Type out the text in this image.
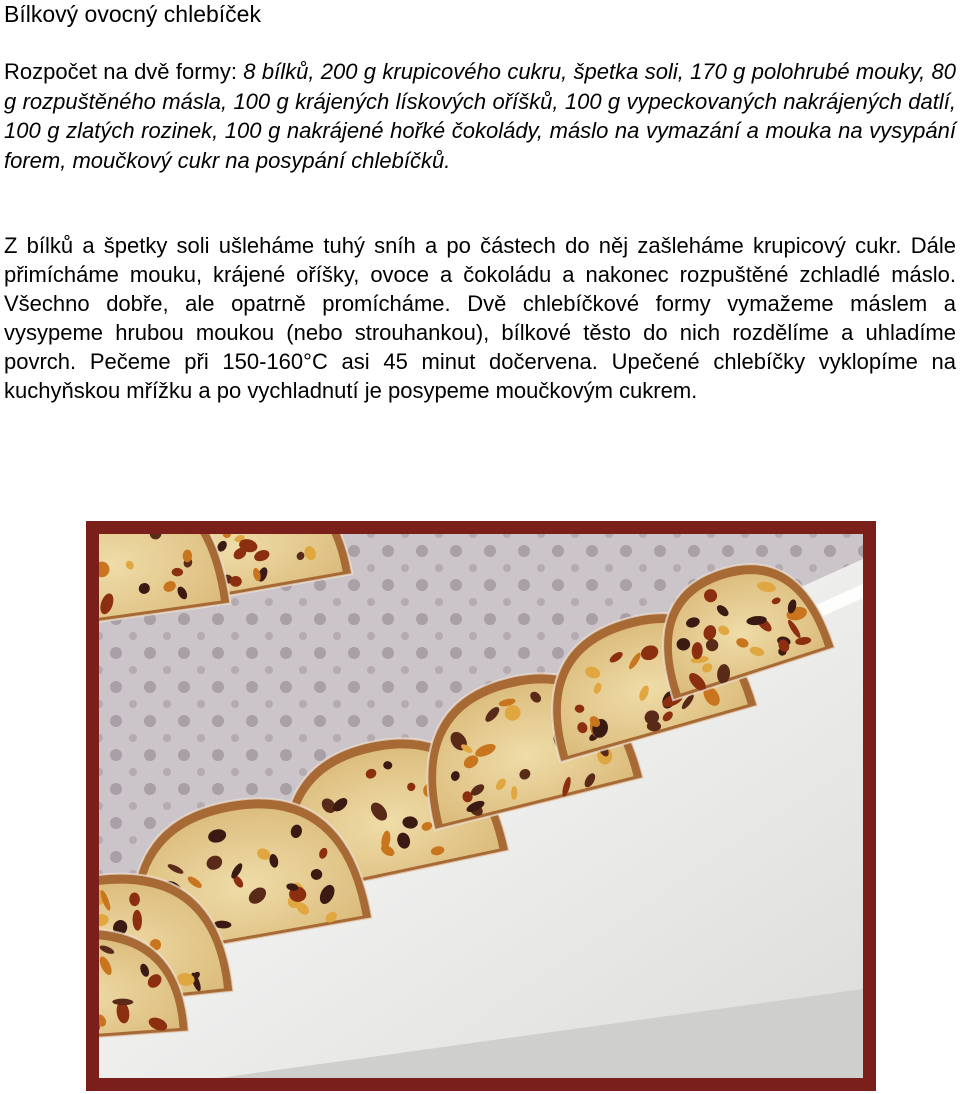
Bílkový ovocný chlebíček

Rozpočet na dvě formy: 8 bílků, 200 g krupicového cukru, špetka soli, 170 g polohrubé mouky, 80 g rozpuštěného másla, 100 g krájených lískových oříšků, 100 g vypeckovaných nakrájených datlí, 100 g zlatých rozinek, 100 g nakrájené hořké čokolády, máslo na vymazání a mouka na vysypání forem, moučkový cukr na posypání chlebíčků.

Z bílků a špetky soli ušleháme tuhý sníh a po částech do něj zašleháme krupicový cukr. Dále přimícháme mouku, krájené oříšky, ovoce a čokoládu a nakonec rozpuštěné zchladlé máslo. Všechno dobře, ale opatrně promícháme. Dvě chlebíčkové formy vymažeme máslem a vysypeme hrubou moukou (nebo strouhankou), bílkové těsto do nich rozdělíme a uhladíme povrch. Pečeme při 150-160°C asi 45 minut dočervena. Upečené chlebíčky vyklopíme na kuchyňskou mřížku a po vychladnutí je posypeme moučkovým cukrem.
